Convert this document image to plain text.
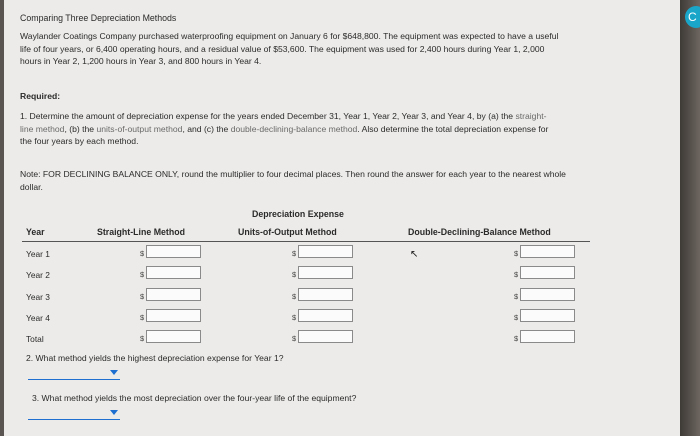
Comparing Three Depreciation Methods
Waylander Coatings Company purchased waterproofing equipment on January 6 for $648,800. The equipment was expected to have a useful
life of four years, or 6,400 operating hours, and a residual value of $53,600. The equipment was used for 2,400 hours during Year 1, 2,000
hours in Year 2, 1,200 hours in Year 3, and 800 hours in Year 4.
Required:
1. Determine the amount of depreciation expense for the years ended December 31, Year 1, Year 2, Year 3, and Year 4, by (a) the straight-
line method, (b) the units-of-output method, and (c) the double-declining-balance method. Also determine the total depreciation expense for
the four years by each method.
Note: FOR DECLINING BALANCE ONLY, round the multiplier to four decimal places. Then round the answer for each year to the nearest whole
dollar.
Depreciation Expense
Year	Straight-Line Method	Units-of-Output Method	Double-Declining-Balance Method
Year 1	$	$	$
Year 2	$	$	$
Year 3	$	$	$
Year 4	$	$	$
Total	$	$	$
↖
2. What method yields the highest depreciation expense for Year 1?
3. What method yields the most depreciation over the four-year life of the equipment?
C
